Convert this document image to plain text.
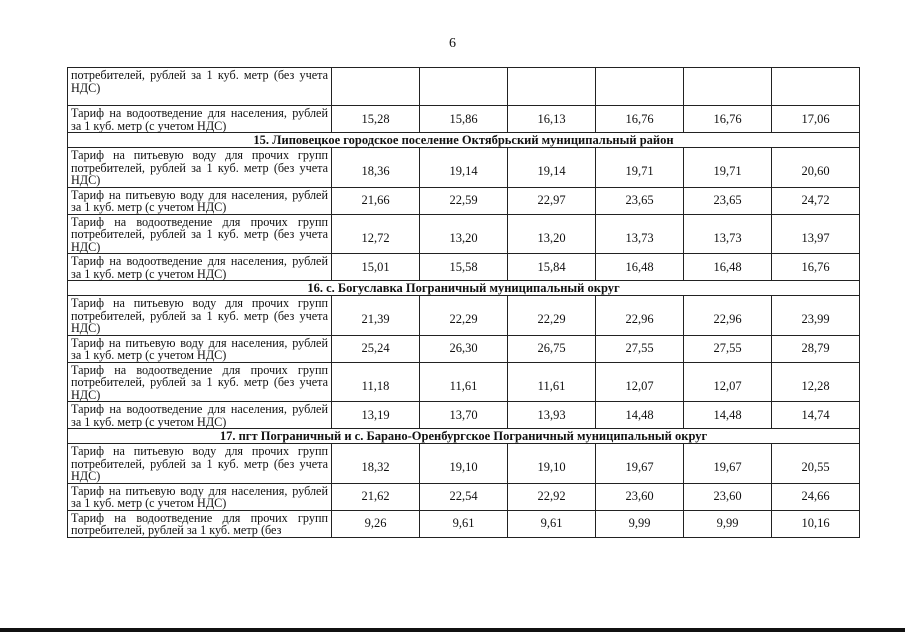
6
потребителей, рублей за 1 куб. метр (без учета НДС)						
Тариф на водоотведение для населения, рублей за 1 куб. метр (с учетом НДС)	15,28	15,86	16,13	16,76	16,76	17,06
15. Липовецкое городское поселение Октябрьский муниципальный район						
Тариф на питьевую воду для прочих групп потребителей, рублей за 1 куб. метр (без учета НДС)	18,36	19,14	19,14	19,71	19,71	20,60
Тариф на питьевую воду для населения, рублей за 1 куб. метр (с учетом НДС)	21,66	22,59	22,97	23,65	23,65	24,72
Тариф на водоотведение для прочих групп потребителей, рублей за 1 куб. метр (без учета НДС)	12,72	13,20	13,20	13,73	13,73	13,97
Тариф на водоотведение для населения, рублей за 1 куб. метр (с учетом НДС)	15,01	15,58	15,84	16,48	16,48	16,76
16. с. Богуславка Пограничный муниципальный округ						
Тариф на питьевую воду для прочих групп потребителей, рублей за 1 куб. метр (без учета НДС)	21,39	22,29	22,29	22,96	22,96	23,99
Тариф на питьевую воду для населения, рублей за 1 куб. метр (с учетом НДС)	25,24	26,30	26,75	27,55	27,55	28,79
Тариф на водоотведение для прочих групп потребителей, рублей за 1 куб. метр (без учета НДС)	11,18	11,61	11,61	12,07	12,07	12,28
Тариф на водоотведение для населения, рублей за 1 куб. метр (с учетом НДС)	13,19	13,70	13,93	14,48	14,48	14,74
17. пгт Пограничный и с. Барано-Оренбургское Пограничный муниципальный округ						
Тариф на питьевую воду для прочих групп потребителей, рублей за 1 куб. метр (без учета НДС)	18,32	19,10	19,10	19,67	19,67	20,55
Тариф на питьевую воду для населения, рублей за 1 куб. метр (с учетом НДС)	21,62	22,54	22,92	23,60	23,60	24,66
Тариф на водоотведение для прочих групп потребителей, рублей за 1 куб. метр (без	9,26	9,61	9,61	9,99	9,99	10,16
